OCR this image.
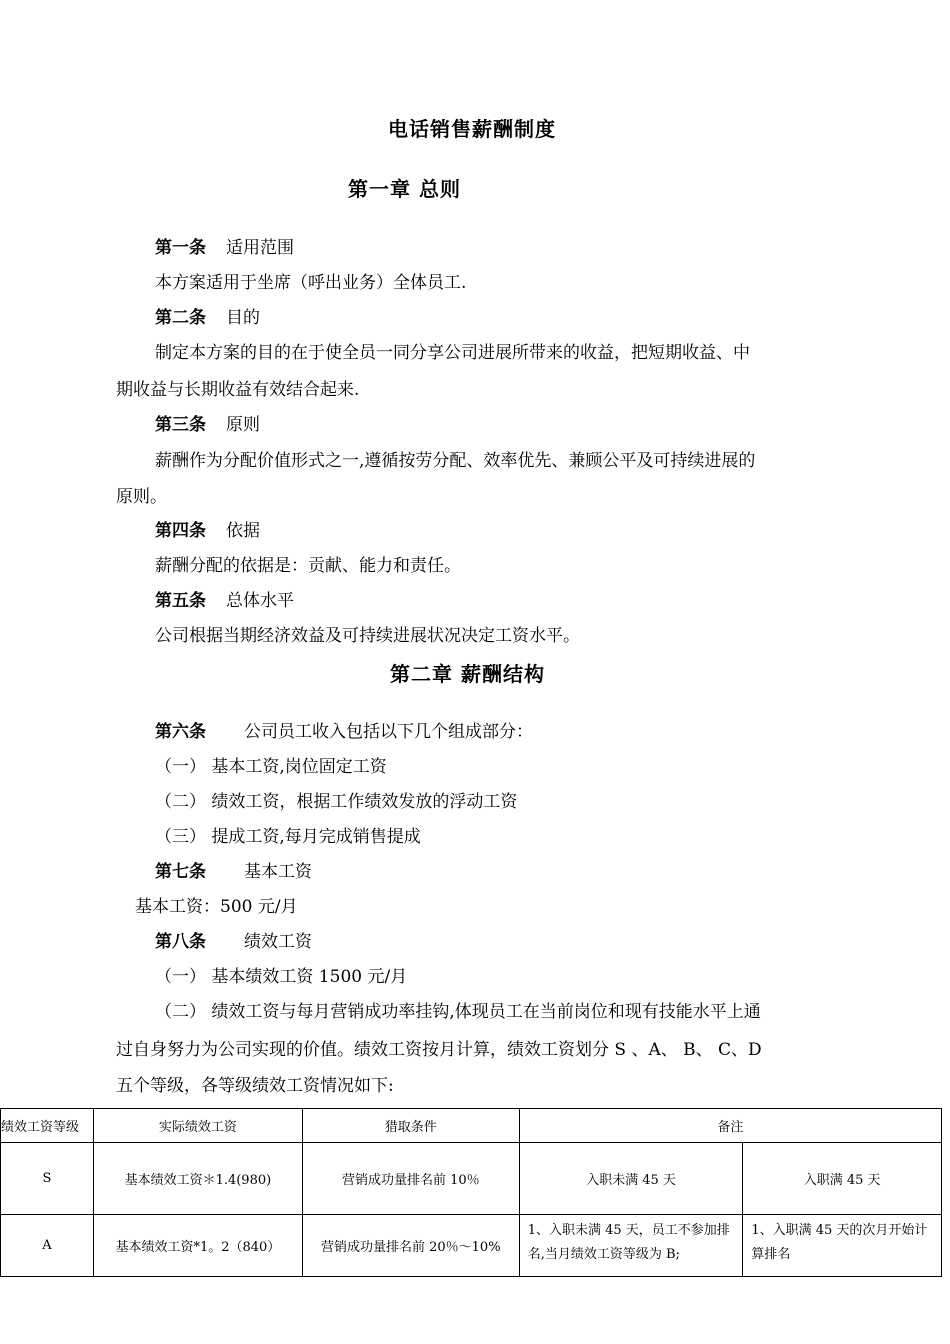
电话销售薪酬制度
第一章 总则
第一条 适用范围
本方案适用于坐席（呼出业务）全体员工.
第二条 目的
制定本方案的目的在于使全员一同分享公司进展所带来的收益，把短期收益、中
期收益与长期收益有效结合起来.
第三条 原则
薪酬作为分配价值形式之一,遵循按劳分配、效率优先、兼顾公平及可持续进展的
原则。
第四条 依据
薪酬分配的依据是：贡献、能力和责任。
第五条 总体水平
公司根据当期经济效益及可持续进展状况决定工资水平。
第二章 薪酬结构
第六条 公司员工收入包括以下几个组成部分：
（一） 基本工资,岗位固定工资
（二） 绩效工资，根据工作绩效发放的浮动工资
（三） 提成工资,每月完成销售提成
第七条 基本工资
基本工资：500 元/月
第八条 绩效工资
（一） 基本绩效工资 1500 元/月
（二） 绩效工资与每月营销成功率挂钩,体现员工在当前岗位和现有技能水平上通
过自身努力为公司实现的价值。绩效工资按月计算，绩效工资划分 S 、A、 B、 C、D
五个等级，各等级绩效工资情况如下:
绩效工资等级	实际绩效工资	猎取条件	备注	
S	基本绩效工资＊1.4(980)	营销成功量排名前 10％	入职未满 45 天	入职满 45 天
A	基本绩效工资*1。2（840）	营销成功量排名前 20％～10%	1、入职未满 45 天，员工不参加排名,当月绩效工资等级为 B;	1、入职满 45 天的次月开始计算排名
